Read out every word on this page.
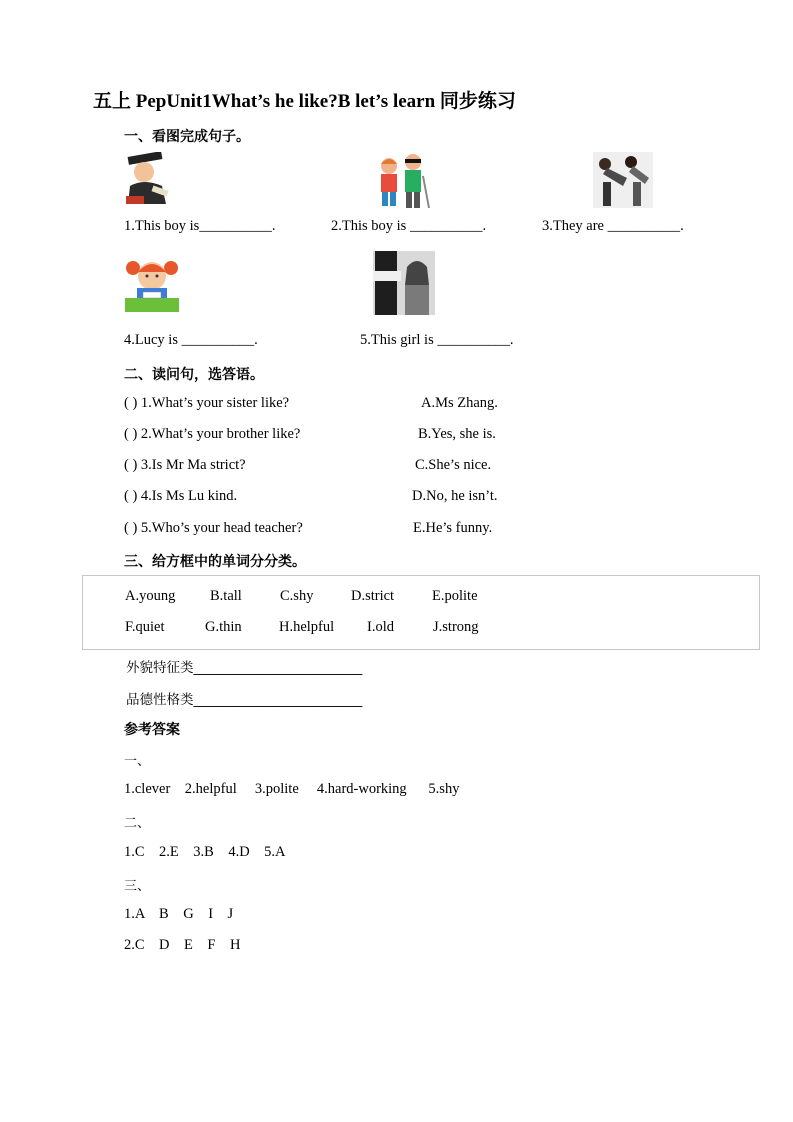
五上 PepUnit1What’s he like?B let’s learn 同步练习
一、看图完成句子。
1.This boy is__________.	2.This boy is __________.	3.They are __________.
4.Lucy is __________.	5.This girl is __________.
二、读问句，选答语。
( ) 1.What’s your sister like?	A.Ms Zhang.
( ) 2.What’s your brother like?	B.Yes, she is.
( ) 3.Is Mr Ma strict?	C.She’s nice.
( ) 4.Is Ms Lu kind.	D.No, he isn’t.
( ) 5.Who’s your head teacher?	E.He’s funny.
三、给方框中的单词分分类。
A.young B.tall	C.shy	D.strict	E.polite
F.quiet	G.thin	H.helpful I.old	J.strong
外貌特征类_________________________
品德性格类_________________________
参考答案
一、
1.clever    2.helpful     3.polite     4.hard-working      5.shy
二、
1.C    2.E    3.B    4.D    5.A
三、
1.A    B    G    I    J
2.C    D    E    F    H
